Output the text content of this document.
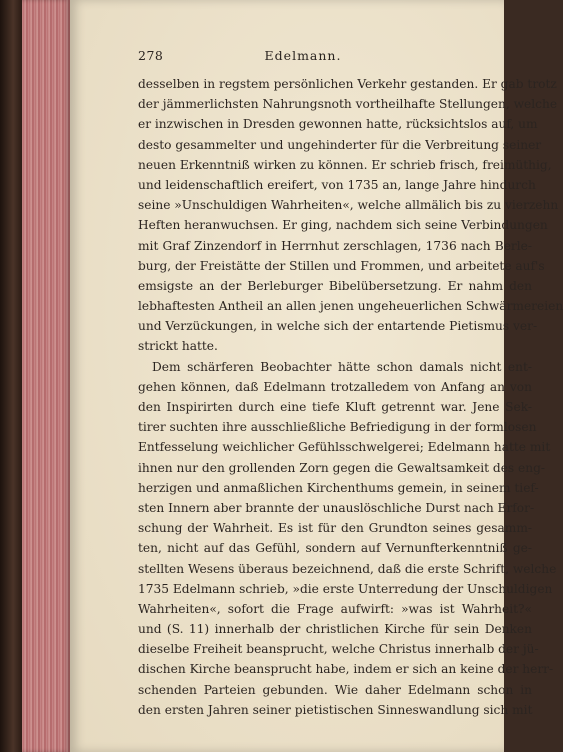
278	Edelmann.
desselben in regstem persönlichen Verkehr gestanden. Er gab trotz
der jämmerlichsten Nahrungsnoth vortheilhafte Stellungen, welche
er inzwischen in Dresden gewonnen hatte, rücksichtslos auf, um
desto gesammelter und ungehinderter für die Verbreitung seiner
neuen Erkenntniß wirken zu können. Er schrieb frisch, freimüthig,
und leidenschaftlich ereifert, von 1735 an, lange Jahre hindurch
seine »Unschuldigen Wahrheiten«, welche allmälich bis zu vierzehn
Heften heranwuchsen. Er ging, nachdem sich seine Verbindungen
mit Graf Zinzendorf in Herrnhut zerschlagen, 1736 nach Berle-
burg, der Freistätte der Stillen und Frommen, und arbeitete auf's
emsigste an der Berleburger Bibelübersetzung. Er nahm den
lebhaftesten Antheil an allen jenen ungeheuerlichen Schwärmereien
und Verzückungen, in welche sich der entartende Pietismus ver-
strickt hatte.
Dem schärferen Beobachter hätte schon damals nicht ent-
gehen können, daß Edelmann trotzalledem von Anfang an von
den Inspirirten durch eine tiefe Kluft getrennt war. Jene Sek-
tirer suchten ihre ausschließliche Befriedigung in der formlosen
Entfesselung weichlicher Gefühlsschwelgerei; Edelmann hatte mit
ihnen nur den grollenden Zorn gegen die Gewaltsamkeit des eng-
herzigen und anmaßlichen Kirchenthums gemein, in seinem tief-
sten Innern aber brannte der unauslöschliche Durst nach Erfor-
schung der Wahrheit. Es ist für den Grundton seines gesamm-
ten, nicht auf das Gefühl, sondern auf Vernunfterkenntniß ge-
stellten Wesens überaus bezeichnend, daß die erste Schrift, welche
1735 Edelmann schrieb, »die erste Unterredung der Unschuldigen
Wahrheiten«, sofort die Frage aufwirft: »was ist Wahrheit?«
und (S. 11) innerhalb der christlichen Kirche für sein Denken
dieselbe Freiheit beansprucht, welche Christus innerhalb der jü-
dischen Kirche beansprucht habe, indem er sich an keine der herr-
schenden Parteien gebunden. Wie daher Edelmann schon in
den ersten Jahren seiner pietistischen Sinneswandlung sich mit
